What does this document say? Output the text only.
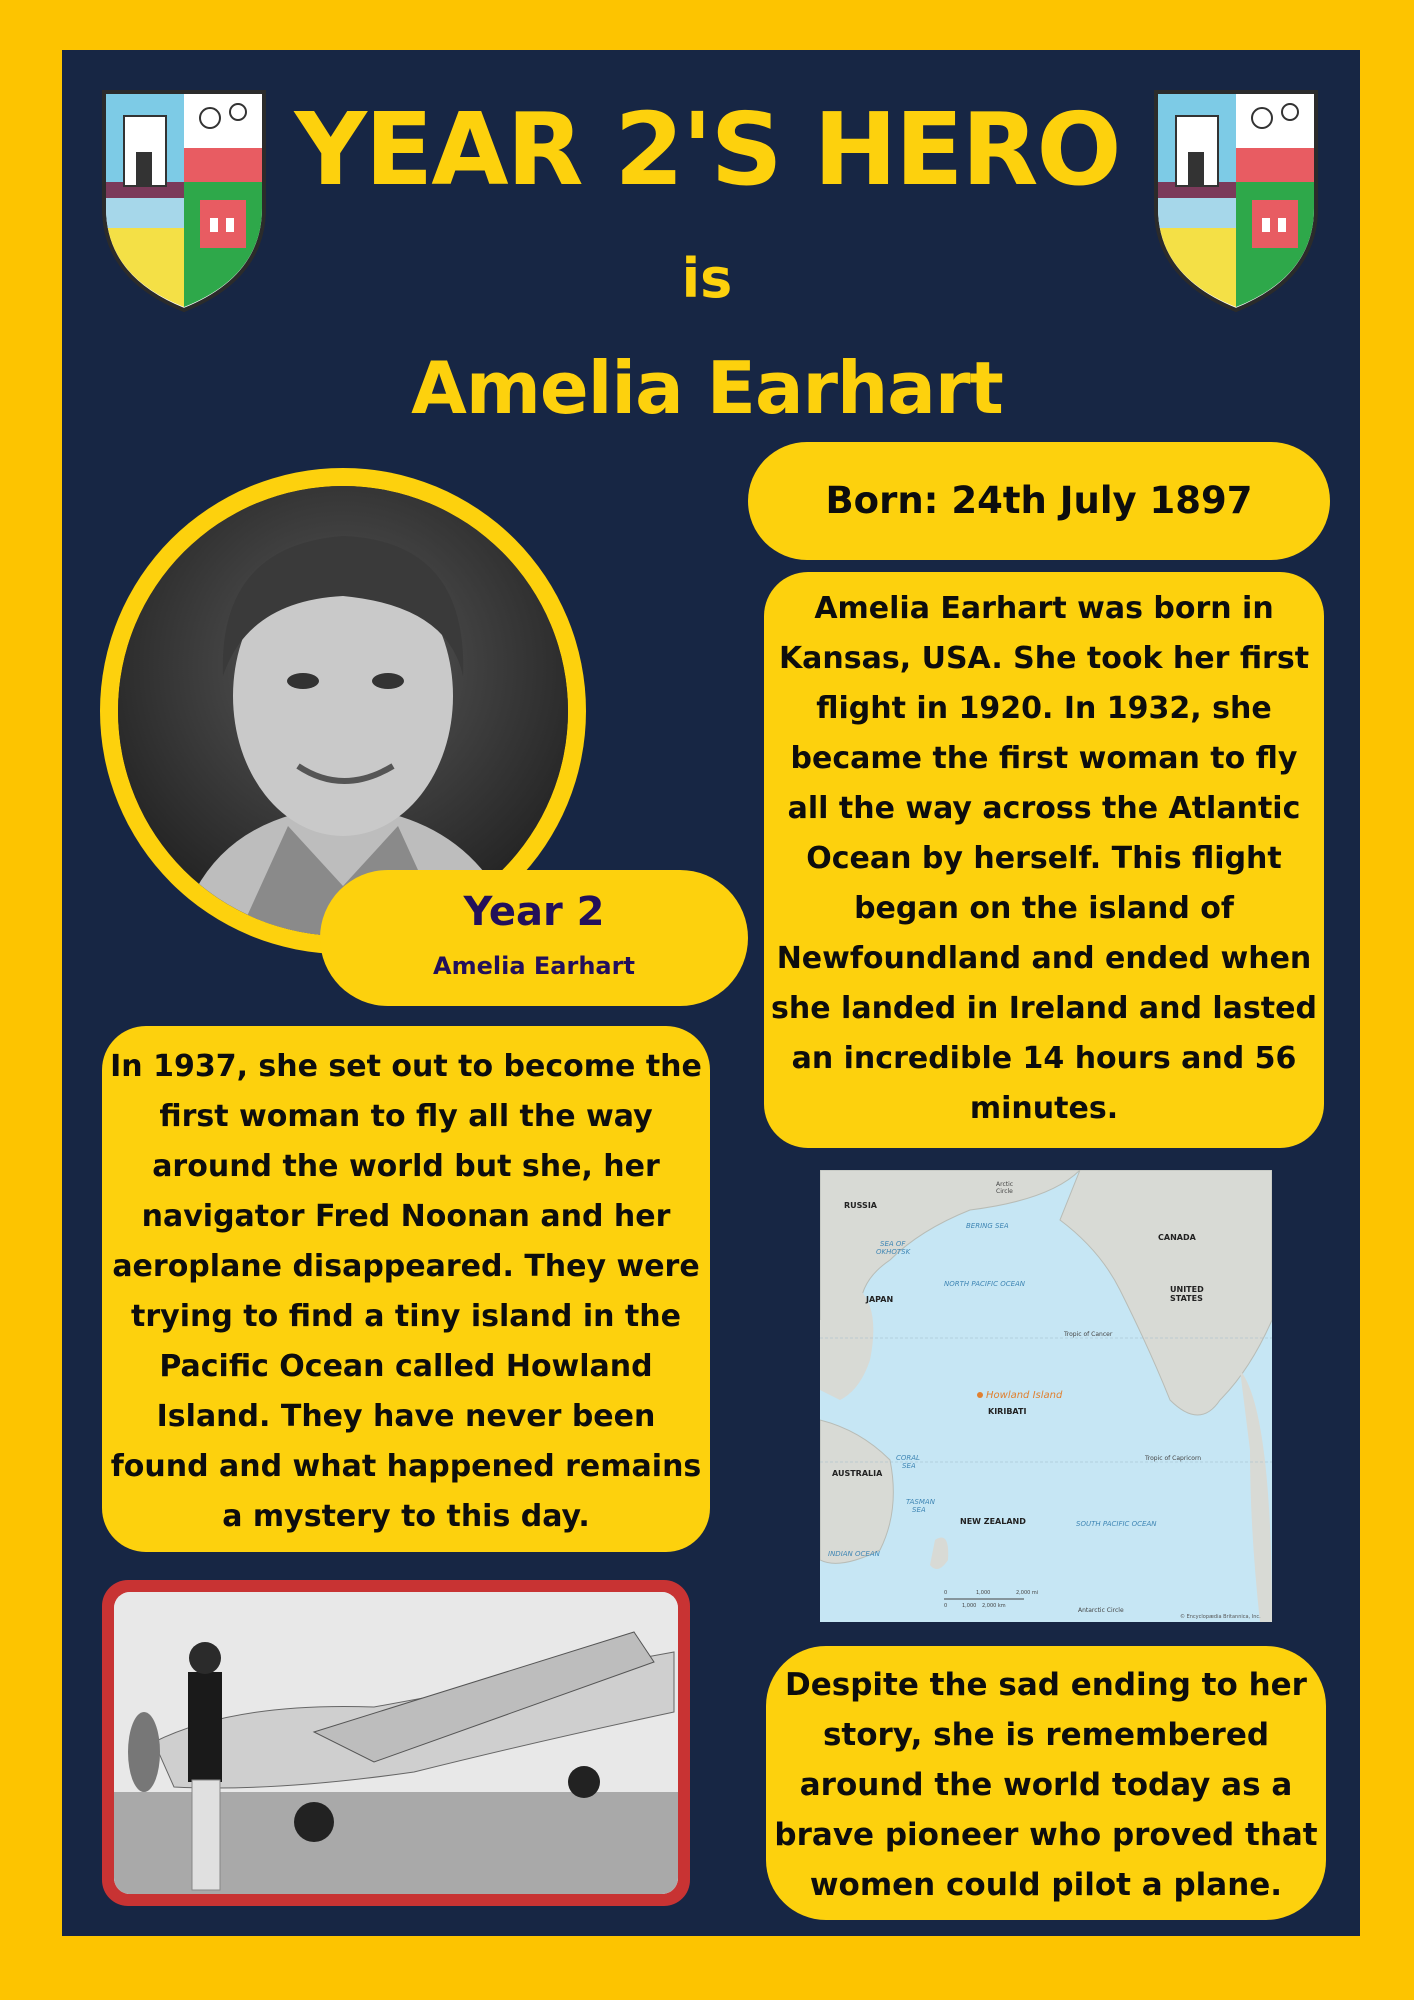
YEAR 2'S HERO
is
Amelia Earhart
Born: 24th July 1897
Year 2
Amelia Earhart
Amelia Earhart was born in Kansas, USA. She took her first flight in 1920. In 1932, she became the first woman to fly all the way across the Atlantic Ocean by herself. This flight began on the island of Newfoundland and ended when she landed in Ireland and lasted an incredible 14 hours and 56 minutes.
In 1937, she set out to become the first woman to fly all the way around the world but she, her navigator Fred Noonan and her aeroplane disappeared. They were trying to find a tiny island in the Pacific Ocean called Howland Island. They have never been found and what happened remains a mystery to this day.
Despite the sad ending to her story, she is remembered around the world today as a brave pioneer who proved that women could pilot a plane.
RUSSIA
CANADA
UNITED
STATES
JAPAN
AUSTRALIA
NEW ZEALAND
KIRIBATI
Howland Island
BERING SEA
SEA OF
OKHOTSK
NORTH PACIFIC OCEAN
SOUTH PACIFIC OCEAN
CORAL
SEA
TASMAN
SEA
INDIAN OCEAN
Tropic of Cancer
Tropic of Capricorn
Arctic
Circle
Antarctic Circle
0	1,000	2,000 mi
0	1,000 2,000 km
© Encyclopædia Britannica, Inc.
